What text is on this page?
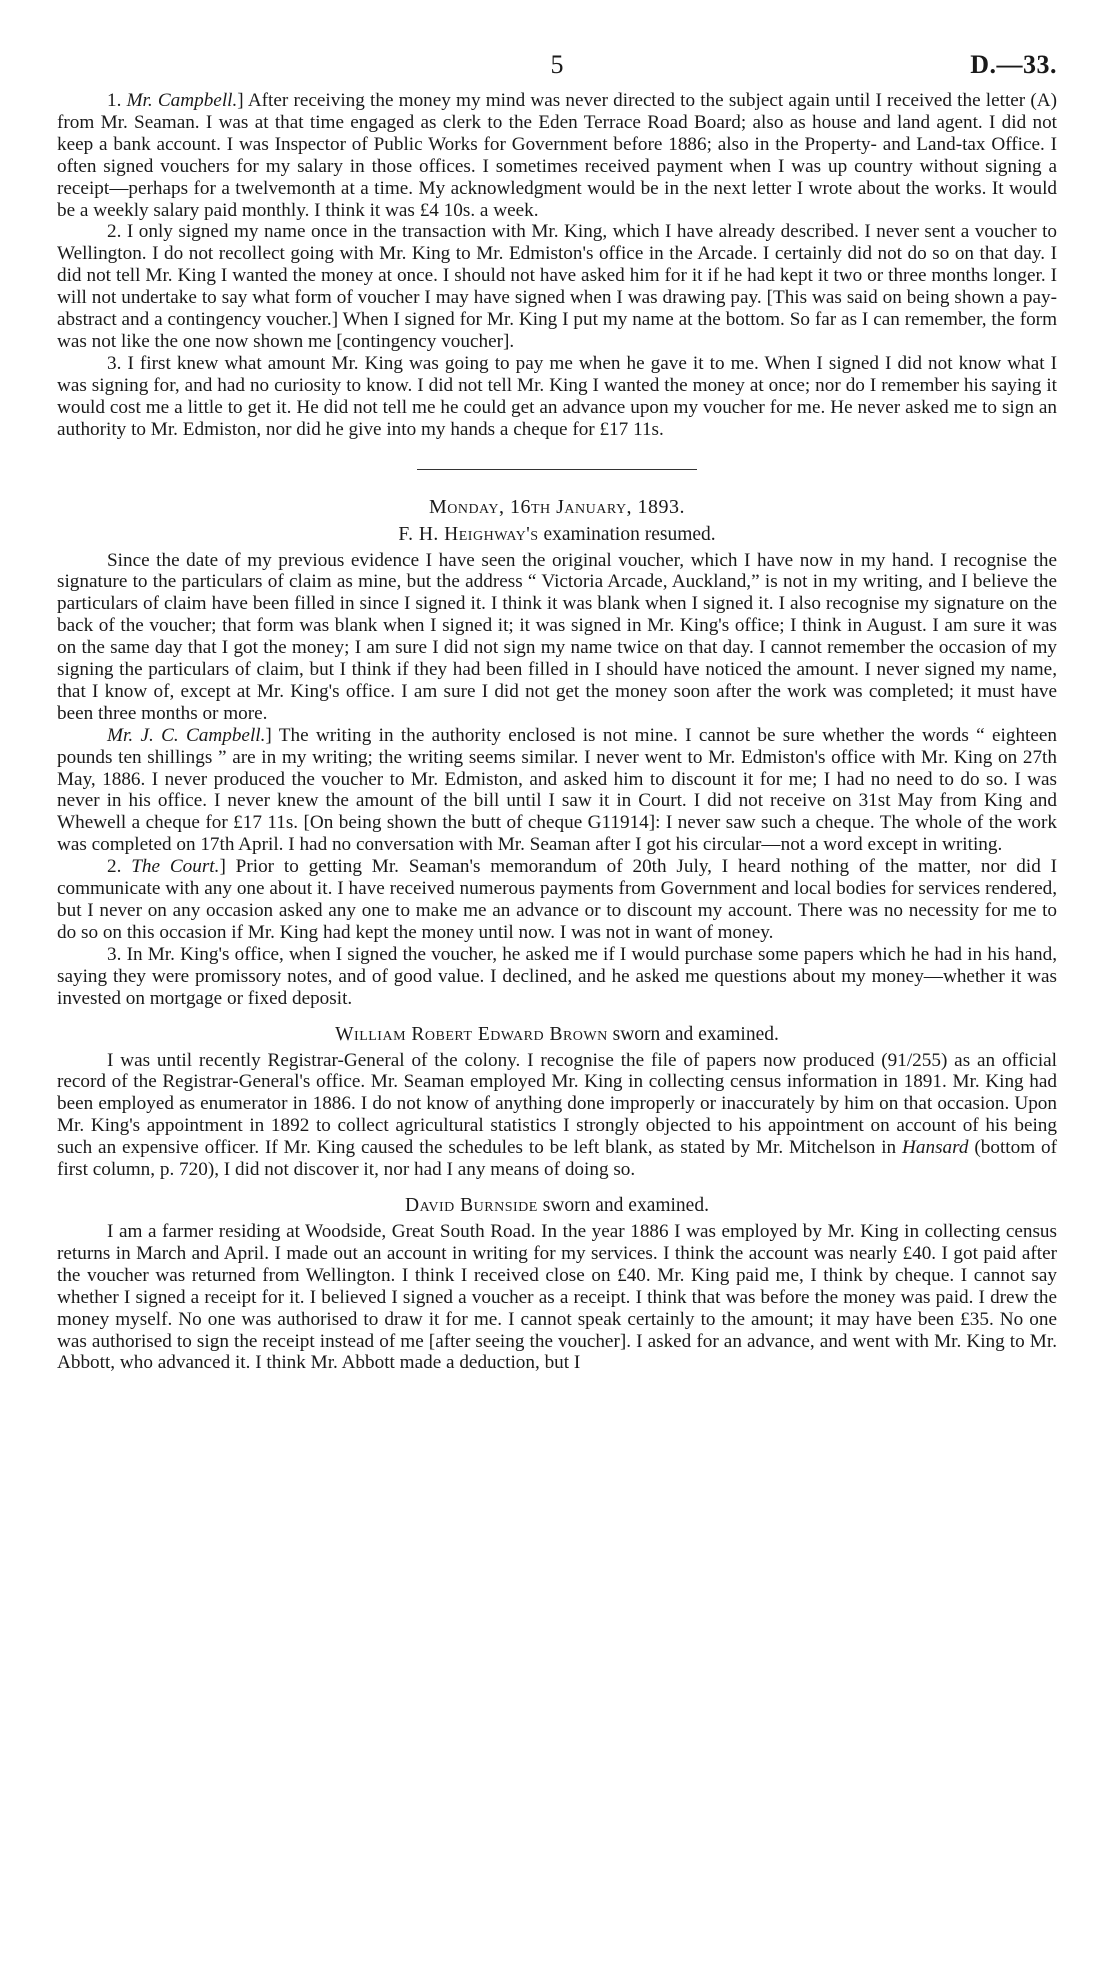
5	D.—33.

1. Mr. Campbell.] After receiving the money my mind was never directed to the subject again until I received the letter (A) from Mr. Seaman. I was at that time engaged as clerk to the Eden Terrace Road Board; also as house and land agent. I did not keep a bank account. I was Inspector of Public Works for Government before 1886; also in the Property- and Land-tax Office. I often signed vouchers for my salary in those offices. I sometimes received payment when I was up country without signing a receipt—perhaps for a twelvemonth at a time. My acknowledgment would be in the next letter I wrote about the works. It would be a weekly salary paid monthly. I think it was £4 10s. a week.

2. I only signed my name once in the transaction with Mr. King, which I have already described. I never sent a voucher to Wellington. I do not recollect going with Mr. King to Mr. Edmiston's office in the Arcade. I certainly did not do so on that day. I did not tell Mr. King I wanted the money at once. I should not have asked him for it if he had kept it two or three months longer. I will not undertake to say what form of voucher I may have signed when I was drawing pay. [This was said on being shown a pay-abstract and a contingency voucher.] When I signed for Mr. King I put my name at the bottom. So far as I can remember, the form was not like the one now shown me [contingency voucher].

3. I first knew what amount Mr. King was going to pay me when he gave it to me. When I signed I did not know what I was signing for, and had no curiosity to know. I did not tell Mr. King I wanted the money at once; nor do I remember his saying it would cost me a little to get it. He did not tell me he could get an advance upon my voucher for me. He never asked me to sign an authority to Mr. Edmiston, nor did he give into my hands a cheque for £17 11s.

Monday, 16th January, 1893.
F. H. Heighway's examination resumed.

Since the date of my previous evidence I have seen the original voucher, which I have now in my hand. I recognise the signature to the particulars of claim as mine, but the address “ Victoria Arcade, Auckland,” is not in my writing, and I believe the particulars of claim have been filled in since I signed it. I think it was blank when I signed it. I also recognise my signature on the back of the voucher; that form was blank when I signed it; it was signed in Mr. King's office; I think in August. I am sure it was on the same day that I got the money; I am sure I did not sign my name twice on that day. I cannot remember the occasion of my signing the particulars of claim, but I think if they had been filled in I should have noticed the amount. I never signed my name, that I know of, except at Mr. King's office. I am sure I did not get the money soon after the work was completed; it must have been three months or more.

Mr. J. C. Campbell.] The writing in the authority enclosed is not mine. I cannot be sure whether the words “ eighteen pounds ten shillings ” are in my writing; the writing seems similar. I never went to Mr. Edmiston's office with Mr. King on 27th May, 1886. I never produced the voucher to Mr. Edmiston, and asked him to discount it for me; I had no need to do so. I was never in his office. I never knew the amount of the bill until I saw it in Court. I did not receive on 31st May from King and Whewell a cheque for £17 11s. [On being shown the butt of cheque G11914]: I never saw such a cheque. The whole of the work was completed on 17th April. I had no conversation with Mr. Seaman after I got his circular—not a word except in writing.

2. The Court.] Prior to getting Mr. Seaman's memorandum of 20th July, I heard nothing of the matter, nor did I communicate with any one about it. I have received numerous payments from Government and local bodies for services rendered, but I never on any occasion asked any one to make me an advance or to discount my account. There was no necessity for me to do so on this occasion if Mr. King had kept the money until now. I was not in want of money.

3. In Mr. King's office, when I signed the voucher, he asked me if I would purchase some papers which he had in his hand, saying they were promissory notes, and of good value. I declined, and he asked me questions about my money—whether it was invested on mortgage or fixed deposit.

William Robert Edward Brown sworn and examined.

I was until recently Registrar-General of the colony. I recognise the file of papers now produced (91/255) as an official record of the Registrar-General's office. Mr. Seaman employed Mr. King in collecting census information in 1891. Mr. King had been employed as enumerator in 1886. I do not know of anything done improperly or inaccurately by him on that occasion. Upon Mr. King's appointment in 1892 to collect agricultural statistics I strongly objected to his appointment on account of his being such an expensive officer. If Mr. King caused the schedules to be left blank, as stated by Mr. Mitchelson in Hansard (bottom of first column, p. 720), I did not discover it, nor had I any means of doing so.

David Burnside sworn and examined.

I am a farmer residing at Woodside, Great South Road. In the year 1886 I was employed by Mr. King in collecting census returns in March and April. I made out an account in writing for my services. I think the account was nearly £40. I got paid after the voucher was returned from Wellington. I think I received close on £40. Mr. King paid me, I think by cheque. I cannot say whether I signed a receipt for it. I believed I signed a voucher as a receipt. I think that was before the money was paid. I drew the money myself. No one was authorised to draw it for me. I cannot speak certainly to the amount; it may have been £35. No one was authorised to sign the receipt instead of me [after seeing the voucher]. I asked for an advance, and went with Mr. King to Mr. Abbott, who advanced it. I think Mr. Abbott made a deduction, but I
